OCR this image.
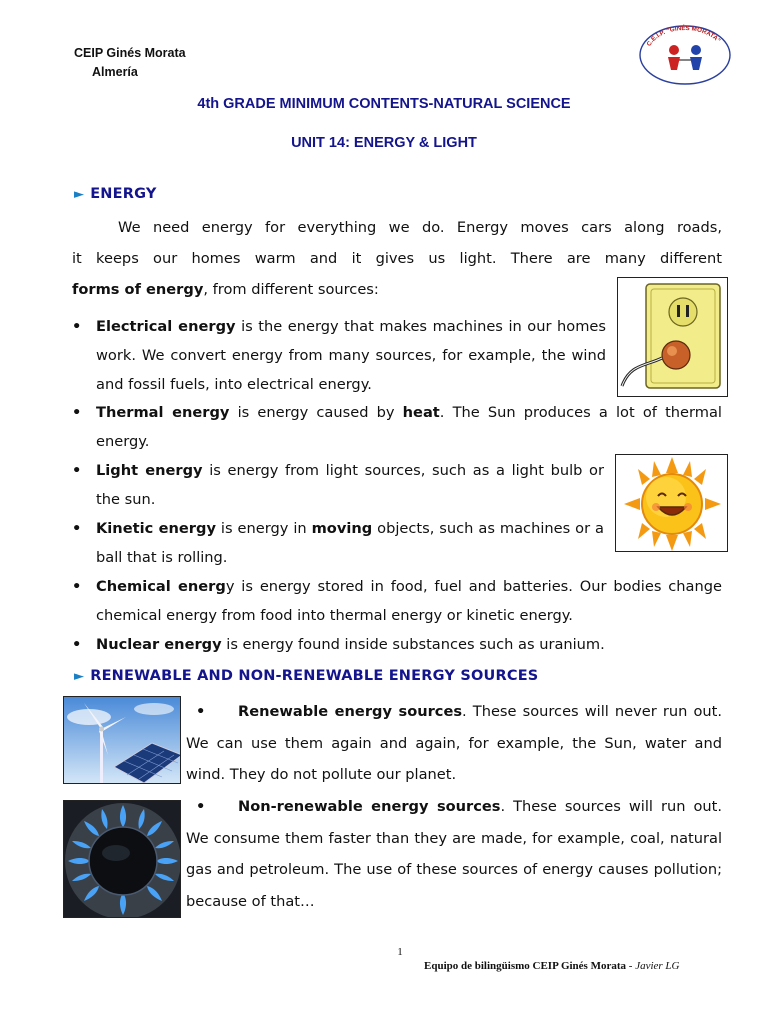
CEIP Ginés Morata
Almería
C.E.I.P. "GINÉS MORATA"
4th GRADE MINIMUM CONTENTS-NATURAL SCIENCE
UNIT 14: ENERGY & LIGHT
► ENERGY
We need energy for everything we do. Energy moves cars along roads,
it keeps our homes warm and it gives us light. There are many different
forms of energy, from different sources:
•	Electrical energy is the energy that makes machines in our homes work. We convert energy from many sources, for example, the wind and fossil fuels, into electrical energy.
•	Thermal energy is energy caused by heat. The Sun produces a lot of thermal energy.
•	Light energy is energy from light sources, such as a light bulb or the sun.
•	Kinetic energy is energy in moving objects, such as machines or a ball that is rolling.
•	Chemical energy is energy stored in food, fuel and batteries. Our bodies change chemical energy from food into thermal energy or kinetic energy.
•	Nuclear energy is energy found inside substances such as uranium.
► RENEWABLE AND NON-RENEWABLE ENERGY SOURCES
• Renewable energy sources. These sources will never run out. We can use them again and again, for example, the Sun, water and wind. They do not pollute our planet.
• Non-renewable energy sources. These sources will run out. We consume them faster than they are made, for example, coal, natural gas and petroleum. The use of these sources of energy causes pollution; because of that…
1
Equipo de bilingüismo CEIP Ginés Morata - Javier LG
